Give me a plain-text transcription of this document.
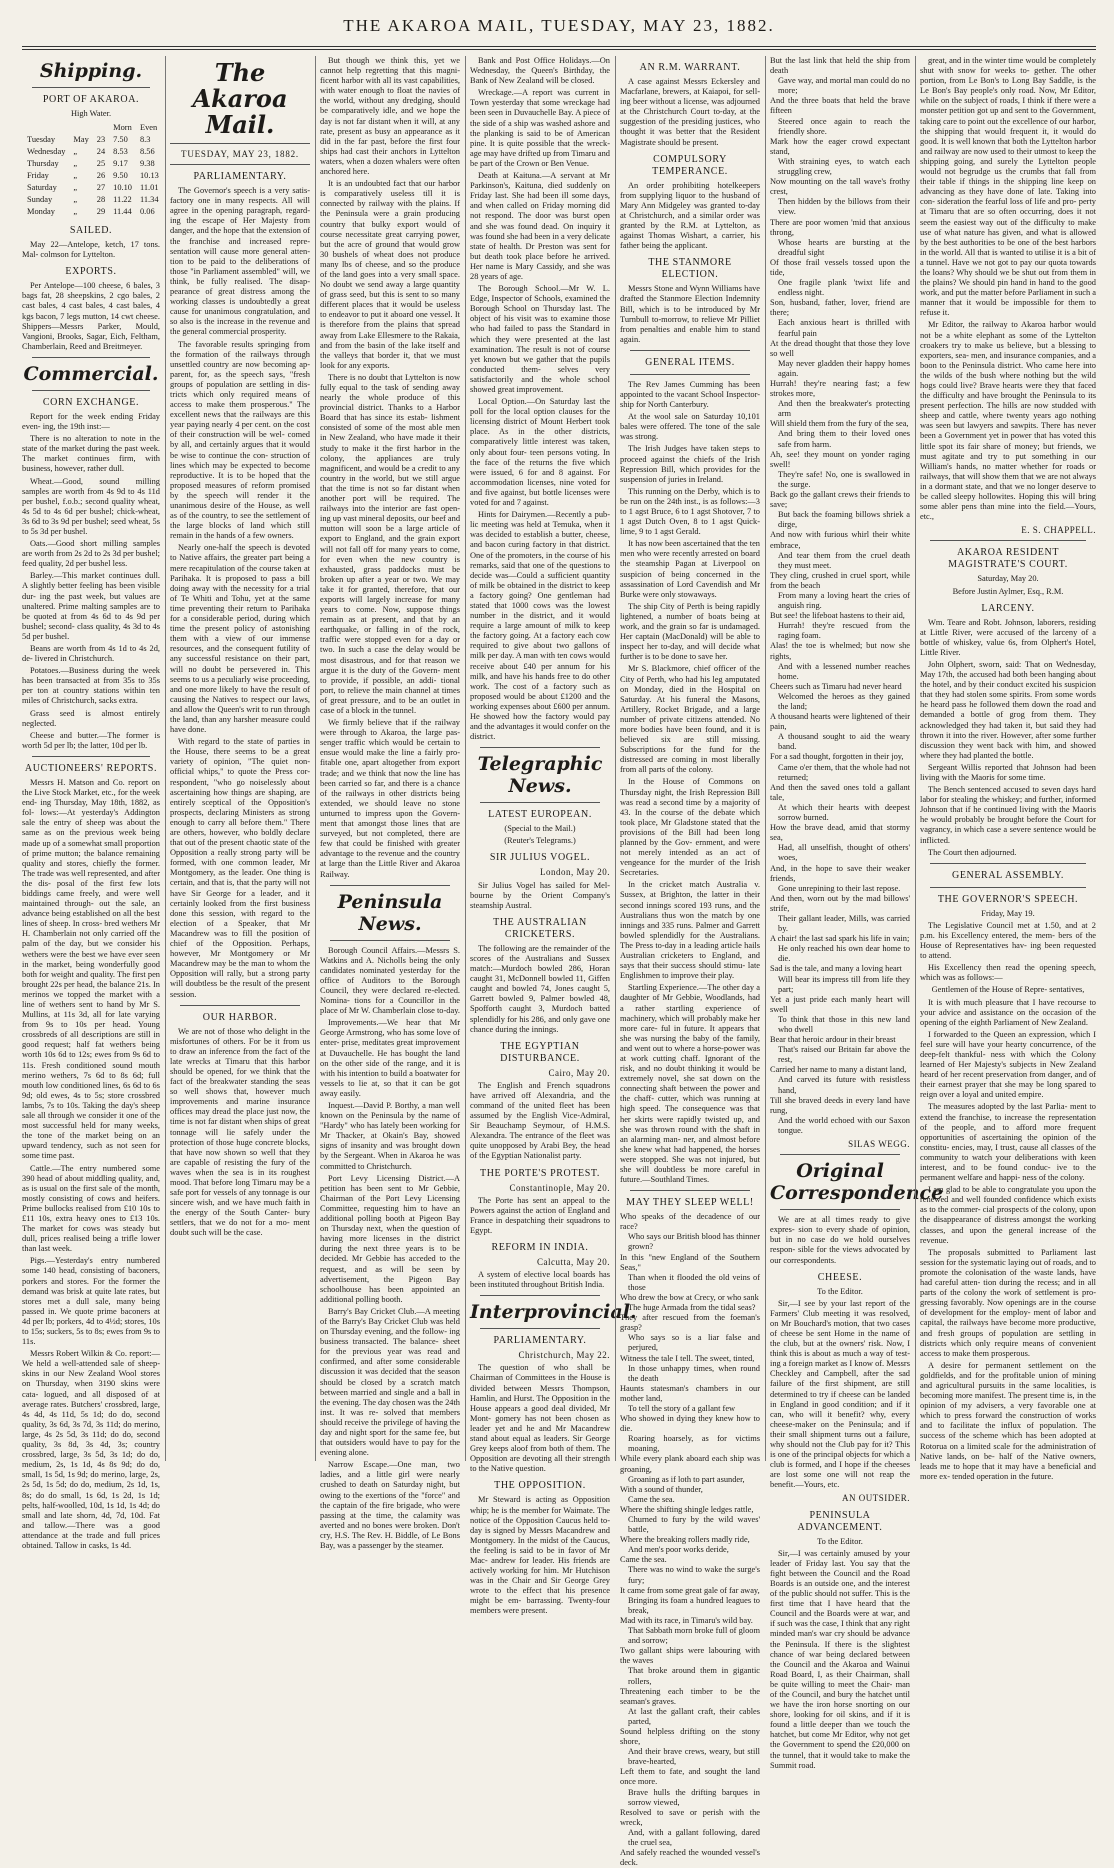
THE AKAROA MAIL, TUESDAY, MAY 23, 1882.
Shipping.
PORT OF AKAROA.
High Water.
			Morn	Even
Tuesday	May	23	7.50	8.3
Wednesday	„	24	8.53	8.56
Thursday	„	25	9.17	9.38
Friday	„	26	9.50	10.13
Saturday	„	27	10.10	11.01
Sunday	„	28	11.22	11.34
Monday	„	29	11.44	0.06
SAILED.

May 22—Antelope, ketch, 17 tons. Mal- colmson for Lyttelton.

EXPORTS.

Per Antelope—100 cheese, 6 bales, 3 bags fat, 28 sheepskins, 2 cgo bales, 2 cast bales, 4 cast bales, 4 cast bales, 4 kgs bacon, 7 legs mutton, 14 cwt cheese. Shippers—Messrs Parker, Mould, Vangioni, Brooks, Sagar, Eich, Feltham, Chamberlain, Reed and Breitmeyer.

Commercial.
CORN EXCHANGE.

Report for the week ending Friday even- ing, the 19th inst:—

There is no alteration to note in the state of the market during the past week. The market continues firm, with business, however, rather dull.

Wheat.—Good, sound milling samples are worth from 4s 9d to 4s 11d per bushel, f.o.b.; second quality wheat, 4s 5d to 4s 6d per bushel; chick-wheat, 3s 6d to 3s 9d per bushel; seed wheat, 5s to 5s 3d per bushel.

Oats.—Good short milling samples are worth from 2s 2d to 2s 3d per bushel; feed quality, 2d per bushel less.

Barley.—This market continues dull. A slightly better feeling has been visible dur- ing the past week, but values are unaltered. Prime malting samples are to be quoted at from 4s 6d to 4s 9d per bushel; second- class quality, 4s 3d to 4s 5d per bushel.

Beans are worth from 4s 1d to 4s 2d, de- livered in Christchurch.

Potatoes.—Business during the week has been transacted at from 35s to 35s per ton at country stations within ten miles of Christchurch, sacks extra.

Grass seed is almost entirely neglected.

Cheese and butter.—The former is worth 5d per lb; the latter, 10d per lb.

AUCTIONEERS' REPORTS.

Messrs H. Matson and Co. report on the Live Stock Market, etc., for the week end- ing Thursday, May 18th, 1882, as fol- lows:—At yesterday's Addington sale the entry of sheep was about the same as on the previous week being made up of a somewhat small proportion of prime mutton; the balance remaining quality and stores, chiefly the former. The trade was well represented, and after the dis- posal of the first few lots biddings came freely, and were well maintained through- out the sale, an advance being established on all the best lines of sheep. In cross- bred wethers Mr H. Chamberlain not only carried off the palm of the day, but we consider his wethers were the best we have ever seen in the market, being wonderfully good both for weight and quality. The first pen brought 22s per head, the balance 21s. In merinos we topped the market with a line of wethers sent to hand by Mr S. Mullins, at 11s 3d, all for late varying from 9s to 10s per head. Young crossbreds of all descriptions are still in good request; half fat wethers being worth 10s 6d to 12s; ewes from 9s 6d to 11s. Fresh conditioned sound mouth merino wethers, 7s 6d to 8s 6d; full mouth low conditioned lines, 6s 6d to 6s 9d; old ewes, 4s to 5s; store crossbred lambs, 7s to 10s. Taking the day's sheep sale all through we consider it one of the most successful held for many weeks, the tone of the market being on an upward tendency, such as not seen for some time past.

Cattle.—The entry numbered some 390 head of about middling quality, and, as is usual on the first sale of the month, mostly consisting of cows and heifers. Prime bullocks realised from £10 10s to £11 10s, extra heavy ones to £13 10s. The market for cows was steady but dull, prices realised being a trifle lower than last week.

Pigs.—Yesterday's entry numbered some 140 head, consisting of baconers, porkers and stores. For the former the demand was brisk at quite late rates, but stores met a dull sale, many being passed in. We quote prime baconers at 4d per lb; porkers, 4d to 4½d; stores, 10s to 15s; suckers, 5s to 8s; ewes from 9s to 11s.

Messrs Robert Wilkin & Co. report:—We held a well-attended sale of sheep- skins in our New Zealand Wool stores on Thursday, when 3190 skins were cata- logued, and all disposed of at average rates. Butchers' crossbred, large, 4s 4d, 4s 11d, 5s 1d; do do, second quality, 3s 6d, 3s 7d, 3s 11d; do merino, large, 4s 2s 5d, 3s 11d; do do, second quality, 3s 8d, 3s 4d, 3s; country crossbred, large, 3s 5d, 3s 1d; do do, medium, 2s, 1s 1d, 4s 8s 9d; do do, small, 1s 5d, 1s 9d; do merino, large, 2s, 2s 5d, 1s 5d; do do, medium, 2s 1d, 1s, 8s; do do small, 1s 6d, 1s 2d, 1s 1d; pelts, half-woolled, 10d, 1s 1d, 1s 4d; do small and late shorn, 4d, 7d, 10d. Fat and tallow.—There was a good attendance at the trade and full prices obtained. Tallow in casks, 1s 4d.

The Akaroa Mail.
TUESDAY, MAY 23, 1882.
PARLIAMENTARY.

The Governor's speech is a very satis- factory one in many respects. All will agree in the opening paragraph, regard- ing the escape of Her Majesty from danger, and the hope that the extension of the franchise and increased repre- sentation will cause more general atten- tion to be paid to the deliberations of those "in Parliament assembled" will, we think, be fully realised. The disap- pearance of great distress among the working classes is undoubtedly a great cause for unanimous congratulation, and so also is the increase in the revenue and the general commercial prosperity.

The favorable results springing from the formation of the railways through unsettled country are now becoming ap- parent, for, as the speech says, "fresh groups of population are settling in dis- tricts which only required means of access to make them prosperous." The excellent news that the railways are this year paying nearly 4 per cent. on the cost of their construction will be wel- comed by all, and certainly argues that it would be wise to continue the con- struction of lines which may be expected to become reproductive. It is to be hoped that the proposed measures of reform promised by the speech will render it the unanimous desire of the House, as well as of the country, to see the settlement of the large blocks of land which still remain in the hands of a few owners.

Nearly one-half the speech is devoted to Native affairs, the greater part being a mere recapitulation of the course taken at Parihaka. It is proposed to pass a bill doing away with the necessity for a trial of Te Whiti and Tohu, yet at the same time preventing their return to Parihaka for a considerable period, during which time the present policy of astonishing them with a view of our immense resources, and the consequent futility of any successful resistance on their part, will no doubt be persevered in. This seems to us a peculiarly wise proceeding, and one more likely to have the result of causing the Natives to respect our laws, and allow the Queen's writ to run through the land, than any harsher measure could have done.

With regard to the state of parties in the House, there seems to be a great variety of opinion, "The quiet non- official whips," to quote the Press cor- respondent, "who go noiselessly about ascertaining how things are shaping, are entirely sceptical of the Opposition's prospects, declaring Ministers as strong enough to carry all before them." There are others, however, who boldly declare that out of the present chaotic state of the Opposition a really strong party will be formed, with one common leader, Mr Montgomery, as the leader. One thing is certain, and that is, that the party will not have Sir George for a leader, and it certainly looked from the first business done this session, with regard to the election of a Speaker, that Mr Macandrew was to fill the position of chief of the Opposition. Perhaps, however, Mr Montgomery or Mr Macandrew may be the man to whom the Opposition will rally, but a strong party will doubtless be the result of the present session.

OUR HARBOR.

We are not of those who delight in the misfortunes of others. For be it from us to draw an inference from the fact of the late wrecks at Timaru that this harbor should be opened, for we think that the fact of the breakwater standing the seas so well shows that, however much improvements and marine insurance offices may dread the place just now, the time is not far distant when ships of great tonnage will lie safely under the protection of those huge concrete blocks, that have now shown so well that they are capable of resisting the fury of the waves when the sea is in its roughest mood. That before long Timaru may be a safe port for vessels of any tonnage is our sincere wish, and we have much faith in the energy of the South Canter- bury settlers, that we do not for a mo- ment doubt such will be the case.

But though we think this, yet we cannot help regretting that this magni- ficent harbor with all its vast capabilities, with water enough to float the navies of the world, without any dredging, should be comparatively idle, and we hope the day is not far distant when it will, at any rate, present as busy an appearance as it did in the far past, before the first four ships had cast their anchors in Lyttelton waters, when a dozen whalers were often anchored here.

It is an undoubted fact that our harbor is comparatively useless till it is connected by railway with the plains. If the Peninsula were a grain producing country that bulky export would of course necessitate great carrying power, but the acre of ground that would grow 30 bushels of wheat does not produce many lbs of cheese, and so the produce of the land goes into a very small space. No doubt we send away a large quantity of grass seed, but this is sent to so many different places that it would be useless to endeavor to put it aboard one vessel. It is therefore from the plains that spread away from Lake Ellesmere to the Rakaia, and from the basin of the lake itself and the valleys that border it, that we must look for any exports.

There is no doubt that Lyttelton is now fully equal to the task of sending away nearly the whole produce of this provincial district. Thanks to a Harbor Board that has since its estab- lishment consisted of some of the most able men in New Zealand, who have made it their study to make it the first harbor in the colony, the appliances are truly magnificent, and would be a credit to any country in the world, but we still argue that the time is not so far distant when another port will be required. The railways into the interior are fast open- ing up vast mineral deposits, our beef and mutton will soon be a large article of export to England, and the grain export will not fall off for many years to come, for even when the new country is exhausted, grass paddocks must be broken up after a year or two. We may take it for granted, therefore, that our exports will largely increase for many years to come. Now, suppose things remain as at present, and that by an earthquake, or falling in of the rock, traffic were stopped even for a day or two. In such a case the delay would be most disastrous, and for that reason we argue it is the duty of the Govern- ment to provide, if possible, an addi- tional port, to relieve the main channel at times of great pressure, and to be an outlet in case of a block in the tunnel.

We firmly believe that if the railway were through to Akaroa, the large pas- senger traffic which would be certain to ensue would make the line a fairly pro- fitable one, apart altogether from export trade; and we think that now the line has been carried so far, and there is a chance of the railways in other districts being extended, we should leave no stone unturned to impress upon the Govern- ment that amongst those lines that are surveyed, but not completed, there are few that could be finished with greater advantage to the revenue and the country at large than the Little River and Akaroa Railway.

Peninsula News.

Borough Council Affairs.—Messrs S. Watkins and A. Nicholls being the only candidates nominated yesterday for the office of Auditors to the Borough Council, they were declared re-elected. Nomina- tions for a Councillor in the place of Mr W. Chamberlain close to-day.

Improvements.—We hear that Mr George Armstrong, who has some love of enter- prise, meditates great improvement at Duvauchelle. He has bought the land on the other side of the range, and it is with his intention to build a boatwater for vessels to lie at, so that it can be got away easily.

Inquest.—David P. Borthy, a man well known on the Peninsula by the name of "Hardy" who has lately been working for Mr Thacker, at Okain's Bay, showed signs of insanity and was brought down by the Sergeant. When in Akaroa he was committed to Christchurch.

Port Levy Licensing District.—A petition has been sent to Mr Gebbie, Chairman of the Port Levy Licensing Committee, requesting him to have an additional polling booth at Pigeon Bay on Thursday next, when the question of having more licenses in the district during the next three years is to be decided. Mr Gebbie has acceded to the request, and as will be seen by advertisement, the Pigeon Bay schoolhouse has been appointed an additional polling booth.

Barry's Bay Cricket Club.—A meeting of the Barry's Bay Cricket Club was held on Thursday evening, and the follow- ing business transacted. The balance- sheet for the previous year was read and confirmed, and after some considerable discussion it was decided that the season should be closed by a scratch match between married and single and a ball in the evening. The day chosen was the 24th inst. It was re- solved that members should receive the privilege of having the day and night sport for the same fee, but that outsiders would have to pay for the evening alone.

Narrow Escape.—One man, two ladies, and a little girl were nearly crushed to death on Saturday night, but owing to the exertions of the "force" and the captain of the fire brigade, who were passing at the time, the calamity was averted and no bones were broken. Don't cry, H.S. The Rev. H. Biddle, of Le Bons Bay, was a passenger by the steamer.

Bank and Post Office Holidays.—On Wednesday, the Queen's Birthday, the Bank of New Zealand will be closed.

Wreckage.—A report was current in Town yesterday that some wreckage had been seen in Duvauchelle Bay. A piece of the side of a ship was washed ashore and the planking is said to be of American pine. It is quite possible that the wreck- age may have drifted up from Timaru and be part of the Crown or Ben Venue.

Death at Kaituna.—A servant at Mr Parkinson's, Kaituna, died suddenly on Friday last. She had been ill some days, and when called on Friday morning did not respond. The door was burst open and she was found dead. On inquiry it was found she had been in a very delicate state of health. Dr Preston was sent for but death took place before he arrived. Her name is Mary Cassidy, and she was 28 years of age.

The Borough School.—Mr W. L. Edge, Inspector of Schools, examined the Borough School on Thursday last. The object of his visit was to examine those who had failed to pass the Standard in which they were presented at the last examination. The result is not of course yet known but we gather that the pupils conducted them- selves very satisfactorily and the whole school showed great improvement.

Local Option.—On Saturday last the poll for the local option clauses for the licensing district of Mount Herbert took place. As in the other districts, comparatively little interest was taken, only about four- teen persons voting. In the face of the returns the five which were issued, 6 for and 8 against. For accommodation licenses, nine voted for and five against, but bottle licenses were voted for and 7 against.

Hints for Dairymen.—Recently a pub- lic meeting was held at Temuka, when it was decided to establish a butter, cheese, and bacon curing factory in that district. One of the promoters, in the course of his remarks, said that one of the questions to decide was—Could a sufficient quantity of milk be obtained in the district to keep a factory going? One gentleman had stated that 1000 cows was the lowest number in the district, and it would require a large amount of milk to keep the factory going. At a factory each cow required to give about two gallons of milk per day. A man with ten cows would receive about £40 per annum for his milk, and have his hands free to do other work. The cost of a factory such as proposed would be about £1200 and the working expenses about £600 per annum. He showed how the factory would pay and the advantages it would confer on the district.

Telegraphic News.
LATEST EUROPEAN.
(Special to the Mail.)
(Reuter's Telegrams.)
SIR JULIUS VOGEL.
London, May 20.

Sir Julius Vogel has sailed for Mel- bourne by the Orient Company's steamship Austral.

THE AUSTRALIAN CRICKETERS.

The following are the remainder of the scores of the Australians and Sussex match:—Murdoch bowled 286, Horan caught 31, McDonnell bowled 11, Giffen caught and bowled 74, Jones caught 5, Garrett bowled 9, Palmer bowled 48, Spofforth caught 3, Murdoch batted splendidly for his 286, and only gave one chance during the innings.

THE EGYPTIAN DISTURBANCE.
Cairo, May 20.

The English and French squadrons have arrived off Alexandria, and the command of the united fleet has been assumed by the English Vice-Admiral, Sir Beauchamp Seymour, of H.M.S. Alexandra. The entrance of the fleet was quite unopposed by Arabi Bey, the head of the Egyptian Nationalist party.

THE PORTE'S PROTEST.
Constantinople, May 20.

The Porte has sent an appeal to the Powers against the action of England and France in despatching their squadrons to Egypt.

REFORM IN INDIA.
Calcutta, May 20.

A system of elective local boards has been instituted throughout British India.

Interprovincial.
PARLIAMENTARY.
Christchurch, May 22.

The question of who shall be Chairman of Committees in the House is divided between Messrs Thompson, Hamlin, and Hurst. The Opposition in the House appears a good deal divided, Mr Mont- gomery has not been chosen as leader yet and he and Mr Macandrew stand about equal as leaders. Sir George Grey keeps aloof from both of them. The Opposition are devoting all their strength to the Native question.

THE OPPOSITION.

Mr Steward is acting as Opposition whip; he is the member for Waimate. The notice of the Opposition Caucus held to- day is signed by Messrs Macandrew and Montgomery. In the midst of the Caucus, the feeling is said to be in favor of Mr Mac- andrew for leader. His friends are actively working for him. Mr Hutchison was in the Chair and Sir George Grey wrote to the effect that his presence might be em- barrassing. Twenty-four members were present.

AN R.M. WARRANT.

A case against Messrs Eckersley and Macfarlane, brewers, at Kaiapoi, for sell- ing beer without a license, was adjourned at the Christchurch Court to-day, at the suggestion of the presiding justices, who thought it was better that the Resident Magistrate should be present.

COMPULSORY TEMPERANCE.

An order prohibiting hotelkeepers from supplying liquor to the husband of Mary Ann Midgeley was granted to-day at Christchurch, and a similar order was granted by the R.M. at Lyttelton, as against Thomas Wishart, a carrier, his father being the applicant.

THE STANMORE ELECTION.

Messrs Stone and Wynn Williams have drafted the Stanmore Election Indemnity Bill, which is to be introduced by Mr Turnbull to-morrow, to relieve Mr Pilliet from penalties and enable him to stand again.

GENERAL ITEMS.

The Rev James Cumming has been appointed to the vacant School Inspector- ship for North Canterbury.

At the wool sale on Saturday 10,101 bales were offered. The tone of the sale was strong.

The Irish Judges have taken steps to proceed against the chiefs of the Irish Repression Bill, which provides for the suspension of juries in Ireland.

This running on the Derby, which is to be run on the 24th inst., is as follows:—3 to 1 agst Bruce, 6 to 1 agst Shotover, 7 to 1 agst Dutch Oven, 8 to 1 agst Quick- lime, 9 to 1 agst Gerald.

It has now been ascertained that the ten men who were recently arrested on board the steamship Pagan at Liverpool on suspicion of being concerned in the assassination of Lord Cavendish and Mr Burke were only stowaways.

The ship City of Perth is being rapidly lightened, a number of boats being at work, and the grain so far is undamaged. Her captain (MacDonald) will be able to inspect her to-day, and will decide what further is to be done to save her.

Mr S. Blackmore, chief officer of the City of Perth, who had his leg amputated on Monday, died in the Hospital on Saturday. At his funeral the Masons, Artillery, Rocket Brigade, and a large number of private citizens attended. No more bodies have been found, and it is believed six are still missing. Subscriptions for the fund for the distressed are coming in most liberally from all parts of the colony.

In the House of Commons on Thursday night, the Irish Repression Bill was read a second time by a majority of 43. In the course of the debate which took place, Mr Gladstone stated that the provisions of the Bill had been long planned by the Gov- ernment, and were not merely intended as an act of vengeance for the murder of the Irish Secretaries.

In the cricket match Australia v. Sussex, at Brighton, the latter in their second innings scored 193 runs, and the Australians thus won the match by one innings and 335 runs. Palmer and Garrett bowled splendidly for the Australians. The Press to-day in a leading article hails Australian cricketers to England, and says that their success should stimu- late Englishmen to improve their play.

Startling Experience.—The other day a daughter of Mr Gebbie, Woodlands, had a rather startling experience of machinery, which will probably make her more care- ful in future. It appears that she was nursing the baby of the family, and went out to where a horse-power was at work cutting chaff. Ignorant of the risk, and no doubt thinking it would be extremely novel, she sat down on the connecting shaft between the power and the chaff- cutter, which was running at high speed. The consequence was that her skirts were rapidly twisted up, and she was thrown round with the shaft in an alarming man- ner, and almost before she knew what had happened, the horses were stopped. She was not injured, but she will doubtless be more careful in future.—Southland Times.

MAY THEY SLEEP WELL!

Who speaks of the decadence of our race?

Who says our British blood has thinner grown?

In this "new England of the Southern Seas,"

Than when it flooded the old veins of those

Who drew the bow at Crecy, or who sank

The huge Armada from the tidal seas?

They after rescued from the foeman's grasp?

Who says so is a liar false and perjured,

Witness the tale I tell. The sweet, tinted,

In those unhappy times, when round the death

Haunts statesman's chambers in our mother land,

To tell the story of a gallant few

Who showed in dying they knew how to die.

Roaring hoarsely, as for victims moaning,

While every plank aboard each ship was groaning,

Groaning as if loth to part asunder,

With a sound of thunder,

Came the sea.

Where the shifting shingle ledges rattle,

Churned to fury by the wild waves' battle,

Where the breaking rollers madly ride,

And men's poor works deride,

Came the sea.

There was no wind to wake the surge's fury;

It came from some great gale of far away,

Bringing its foam a hundred leagues to break,

Mad with its race, in Timaru's wild bay.

That Sabbath morn broke full of gloom and sorrow;

Two gallant ships were labouring with the waves

That broke around them in gigantic rollers,

Threatening each timber to be the seaman's graves.

At last the gallant craft, their cables parted,

Sound helpless drifting on the stony shore,

And their brave crews, weary, but still brave-hearted,

Left them to fate, and sought the land once more.

Brave hulls the drifting barques in sorrow viewed,

Resolved to save or perish with the wreck,

And, with a gallant following, dared the cruel sea,

And safely reached the wounded vessel's deck.

But the last link that held the ship from death

Gave way, and mortal man could do no more;

And the three boats that held the brave fifteen

Steered once again to reach the friendly shore.

Mark how the eager crowd expectant stand,

With straining eyes, to watch each struggling crew,

Now mounting on the tall wave's frothy crest,

Then hidden by the billows from their view.

There are poor women 'mid that anxious throng,

Whose hearts are bursting at the dreadful sight

Of those frail vessels tossed upon the tide,

One fragile plank 'twixt life and endless night.

Son, husband, father, lover, friend are there;

Each anxious heart is thrilled with fearful pain

At the dread thought that those they love so well

May never gladden their happy homes again.

Hurrah! they're nearing fast; a few strokes more,

And then the breakwater's protecting arm

Will shield them from the fury of the sea,

And bring them to their loved ones safe from harm.

Ah, see! they mount on yonder raging swell!

They're safe! No, one is swallowed in the surge.

Back go the gallant crews their friends to save;

But back the foaming billows shriek a dirge,

And now with furious whirl their white embrace,

And tear them from the cruel death they must meet.

They cling, crushed in cruel sport, while from the beach

From many a loving heart the cries of anguish ring.

But see! the lifeboat hastens to their aid,

Hurrah! they're rescued from the raging foam.

Alas! the toe is whelmed; but now she rights,

And with a lessened number reaches home.

Cheers such as Timaru had never heard

Welcomed the heroes as they gained the land;

A thousand hearts were lightened of their pain,

A thousand sought to aid the weary band.

For a sad thought, forgotten in their joy,

Came o'er them, that the whole had not returned;

And then the saved ones told a gallant tale,

At which their hearts with deepest sorrow burned.

How the brave dead, amid that stormy sea,

Had, all unselfish, thought of others' woes,

And, in the hope to save their weaker friends,

Gone unrepining to their last repose.

And then, worn out by the mad billows' strife,

Their gallant leader, Mills, was carried by.

A chair! the last sad spark his life in vain;

He only reached his own dear home to die.

Sad is the tale, and many a loving heart

Will bear its impress till from life they part;

Yet a just pride each manly heart will swell

To think that those in this new land who dwell

Bear that heroic ardour in their breast

That's raised our Britain far above the rest,

Carried her name to many a distant land,

And carved its future with resistless hand,

Till she braved deeds in every land have rung,

And the world echoed with our Saxon tongue.

SILAS WEGG.
Original Correspondence

We are at all times ready to give expres- sion to every shade of opinion, but in no case do we hold ourselves respon- sible for the views advocated by our correspondents.

CHEESE.
To the Editor.

Sir,—I see by your last report of the Farmers' Club meeting it was resolved, on Mr Bouchard's motion, that two cases of cheese be sent Home in the name of the club, but at the owners' risk. Now, I think this is about as much a way of test- ing a foreign market as I know of. Messrs Checkley and Campbell, after the sad failure of the first shipment, are still determined to try if cheese can be landed in England in good condition; and if it can, who will it benefit? why, every cheese-maker on the Peninsula; and if their small shipment turns out a failure, why should not the Club pay for it? This is one of the principal objects for which a club is formed, and I hope if the cheeses are lost some one will not reap the benefit.—Yours, etc.

AN OUTSIDER.
PENINSULA ADVANCEMENT.
To the Editor.

Sir,—I was certainly amused by your leader of Friday last. You say that the fight between the Council and the Road Boards is an outside one, and the interest of the public should not suffer. This is the first time that I have heard that the Council and the Boards were at war, and if such was the case, I think that any right minded man's war cry should be advance the Peninsula. If there is the slightest chance of war being declared between the Council and the Akaroa and Wainui Road Board, I, as their Chairman, shall be quite willing to meet the Chair- man of the Council, and bury the hatchet until we have the iron horse snorting on our shore, looking for oil skins, and if it is found a little deeper than we touch the hatchet, but come Mr Editor, why not get the Government to spend the £20,000 on the tunnel, that it would take to make the Summit road.

great, and in the winter time would be completely shut with snow for weeks to- gether. The other portion, from Le Bon's to Long Bay Saddle, is the Le Bon's Bay people's only road. Now, Mr Editor, while on the subject of roads, I think if there were a monster petition got up and sent to the Government, taking care to point out the excellence of our harbor, the shipping that would frequent it, it would do good. It is well known that both the Lyttelton harbor and railway are now used to their utmost to keep the shipping going, and surely the Lyttelton people would not begrudge us the crumbs that fall from their table if things in the shipping line keep on advancing as they have done of late. Taking into con- sideration the fearful loss of life and pro- perty at Timaru that are so often occurring, does it not seem the easiest way out of the difficulty to make use of what nature has given, and what is allowed by the best authorities to be one of the best harbors in the world. All that is wanted to utilise it is a bit of a tunnel. Have we not got to pay our quota towards the loans? Why should we be shut out from them in the plains? We should pin hand in hand to the good work, and put the matter before Parliament in such a manner that it would be impossible for them to refuse it.

Mr Editor, the railway to Akaroa harbor would not be a white elephant as some of the Lyttelton croakers try to make us believe, but a blessing to exporters, sea- men, and insurance companies, and a boon to the Peninsula district. Who came here into the wilds of the bush where nothing but the wild hogs could live? Brave hearts were they that faced the difficulty and have brought the Peninsula to its present perfection. The hills are now studded with sheep and cattle, where twenty years ago nothing was seen but lawyers and sawpits. There has never been a Government yet in power that has voted this little spot its fair share of money; but friends, we must agitate and try to put something in our William's hands, no matter whether for roads or railways, that will show them that we are not always in a dormant state, and that we no longer deserve to be called sleepy hollowites. Hoping this will bring some abler pens than mine into the field.—Yours, etc.,

E. S. CHAPPELL.
AKAROA RESIDENT MAGISTRATE'S COURT.
Saturday, May 20.
Before Justin Aylmer, Esq., R.M.
LARCENY.

Wm. Teare and Robt. Johnson, laborers, residing at Little River, were accused of the larceny of a bottle of whiskey, value 6s, from Olphert's Hotel, Little River.

John Olphert, sworn, said: That on Wednesday, May 17th, the accused had both been hanging about the hotel, and by their conduct excited his suspicion that they had stolen some spirits. From some words he heard pass he followed them down the road and demanded a bottle of grog from them. They acknowledged they had taken it, but said they had thrown it into the river. However, after some further discussion they went back with him, and showed where they had planted the bottle.

Sergeant Willis reported that Johnson had been living with the Maoris for some time.

The Bench sentenced accused to seven days hard labor for stealing the whiskey; and further, informed Johnson that if he continued living with the Maoris he would probably be brought before the Court for vagrancy, in which case a severe sentence would be inflicted.

The Court then adjourned.

GENERAL ASSEMBLY.
THE GOVERNOR'S SPEECH.
Friday, May 19.

The Legislative Council met at 1.50, and at 2 p.m. his Excellency entered, the mem- bers of the House of Representatives hav- ing been requested to attend.

His Excellency then read the opening speech, which was as follows:—

Gentlemen of the House of Repre- sentatives,

It is with much pleasure that I have recourse to your advice and assistance on the occasion of the opening of the eighth Parliament of New Zealand.

I forwarded to the Queen an expression, which I feel sure will have your hearty concurrence, of the deep-felt thankful- ness with which the Colony learned of Her Majesty's subjects in New Zealand heard of her recent preservation from danger, and of their earnest prayer that she may be long spared to reign over a loyal and united empire.

The measures adopted by the last Parlia- ment to extend the franchise, to increase the representation of the people, and to afford more frequent opportunities of ascertaining the opinion of the constitu- encies, may, I trust, cause all classes of the community to watch your deliberations with keen interest, and to be found conduc- ive to the permanent welfare and happi- ness of the colony.

I am glad to be able to congratulate you upon the renewed and well founded confidence which exists as to the commer- cial prospects of the colony, upon the disappearance of distress amongst the working classes, and upon the general increase of the revenue.

The proposals submitted to Parliament last session for the systematic laying out of roads, and to promote the colonisation of the waste lands, have had careful atten- tion during the recess; and in all parts of the colony the work of settlement is pro- gressing favorably. Now openings are in the course of development for the employ- ment of labor and capital, the railways have become more productive, and fresh groups of population are settling in districts which only require means of convenient access to make them prosperous.

A desire for permanent settlement on the goldfields, and for the profitable union of mining and agricultural pursuits in the same localities, is becoming more manifest. The present time is, in the opinion of my advisers, a very favorable one at which to press forward the construction of works and to facilitate the influx of population. The success of the scheme which has been adopted at Rotorua on a limited scale for the administration of Native lands, on be- half of the Native owners, leads me to hope that it may have a beneficial and more ex- tended operation in the future.
